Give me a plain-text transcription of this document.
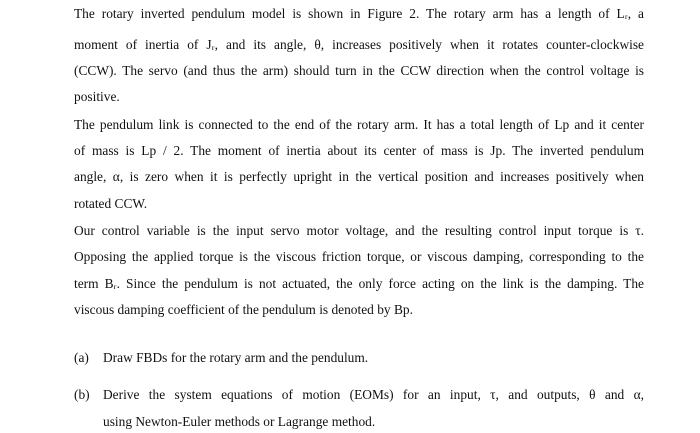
The rotary inverted pendulum model is shown in Figure 2. The rotary arm has a length of Lᵣ, a
moment of inertia of Jᵣ, and its angle, θ, increases positively when it rotates counter-clockwise
(CCW). The servo (and thus the arm) should turn in the CCW direction when the control voltage is
positive.
The pendulum link is connected to the end of the rotary arm. It has a total length of Lp and it center
of mass is Lp / 2. The moment of inertia about its center of mass is Jp. The inverted pendulum
angle, α, is zero when it is perfectly upright in the vertical position and increases positively when
rotated CCW.
Our control variable is the input servo motor voltage, and the resulting control input torque is τ.
Opposing the applied torque is the viscous friction torque, or viscous damping, corresponding to the
term Bᵣ. Since the pendulum is not actuated, the only force acting on the link is the damping. The
viscous damping coefficient of the pendulum is denoted by Bp.
(a) Draw FBDs for the rotary arm and the pendulum.
(b) Derive the system equations of motion (EOMs) for an input, τ, and outputs, θ and α,
using Newton-Euler methods or Lagrange method.
